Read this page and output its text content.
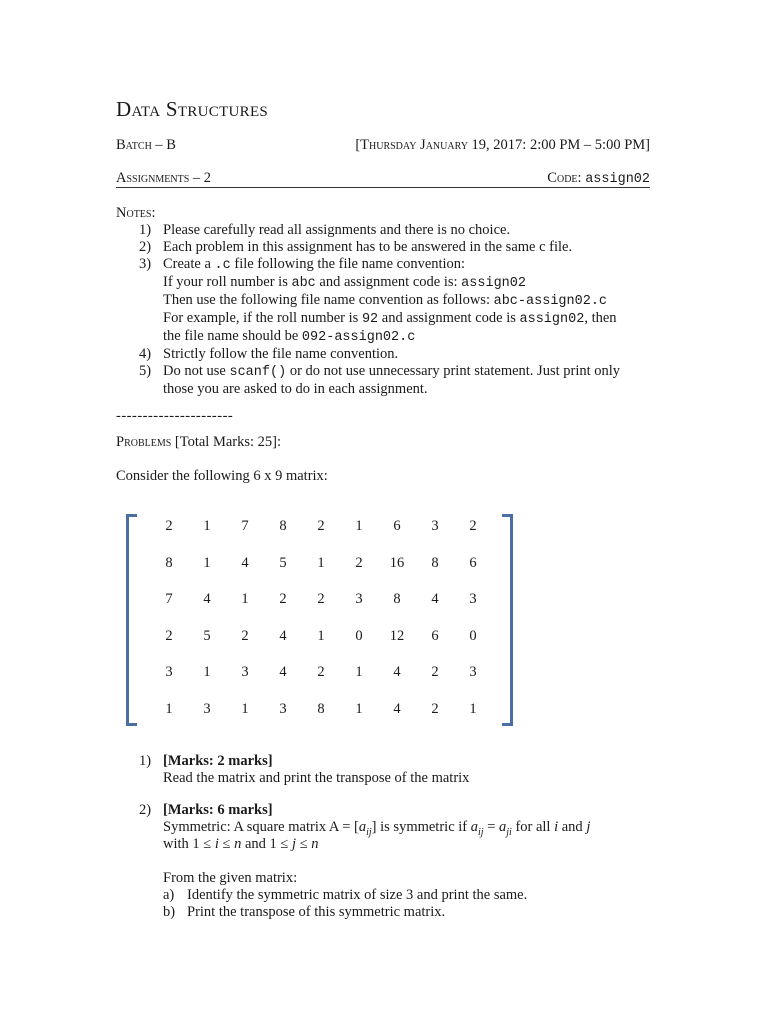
Data Structures
Batch – B	[Thursday January 19, 2017: 2:00 PM – 5:00 PM]
Assignments – 2	Code: assign02
Notes:
1) Please carefully read all assignments and there is no choice.
2) Each problem in this assignment has to be answered in the same c file.
3) Create a .c file following the file name convention:
If your roll number is abc and assignment code is: assign02
Then use the following file name convention as follows: abc-assign02.c
For example, if the roll number is 92 and assignment code is assign02, then
the file name should be 092-assign02.c
4) Strictly follow the file name convention.
5) Do not use scanf() or do not use unnecessary print statement. Just print only
those you are asked to do in each assignment.
----------------------
Problems [Total Marks: 25]:
Consider the following 6 x 9 matrix:
2	1	7	8	2	1	6	3	2
8	1	4	5	1	2	16	8	6
7	4	1	2	2	3	8	4	3
2	5	2	4	1	0	12	6	0
3	1	3	4	2	1	4	2	3
1	3	1	3	8	1	4	2	1
1) [Marks: 2 marks]
Read the matrix and print the transpose of the matrix
2) [Marks: 6 marks]
Symmetric: A square matrix $A = [a_{ij}]$ is symmetric if $a_{ij} = a_{ji}$ for all i and j
with 1 ≤ i ≤ n and 1 ≤ j ≤ n
From the given matrix:
a) Identify the symmetric matrix of size 3 and print the same.
b) Print the transpose of this symmetric matrix.
